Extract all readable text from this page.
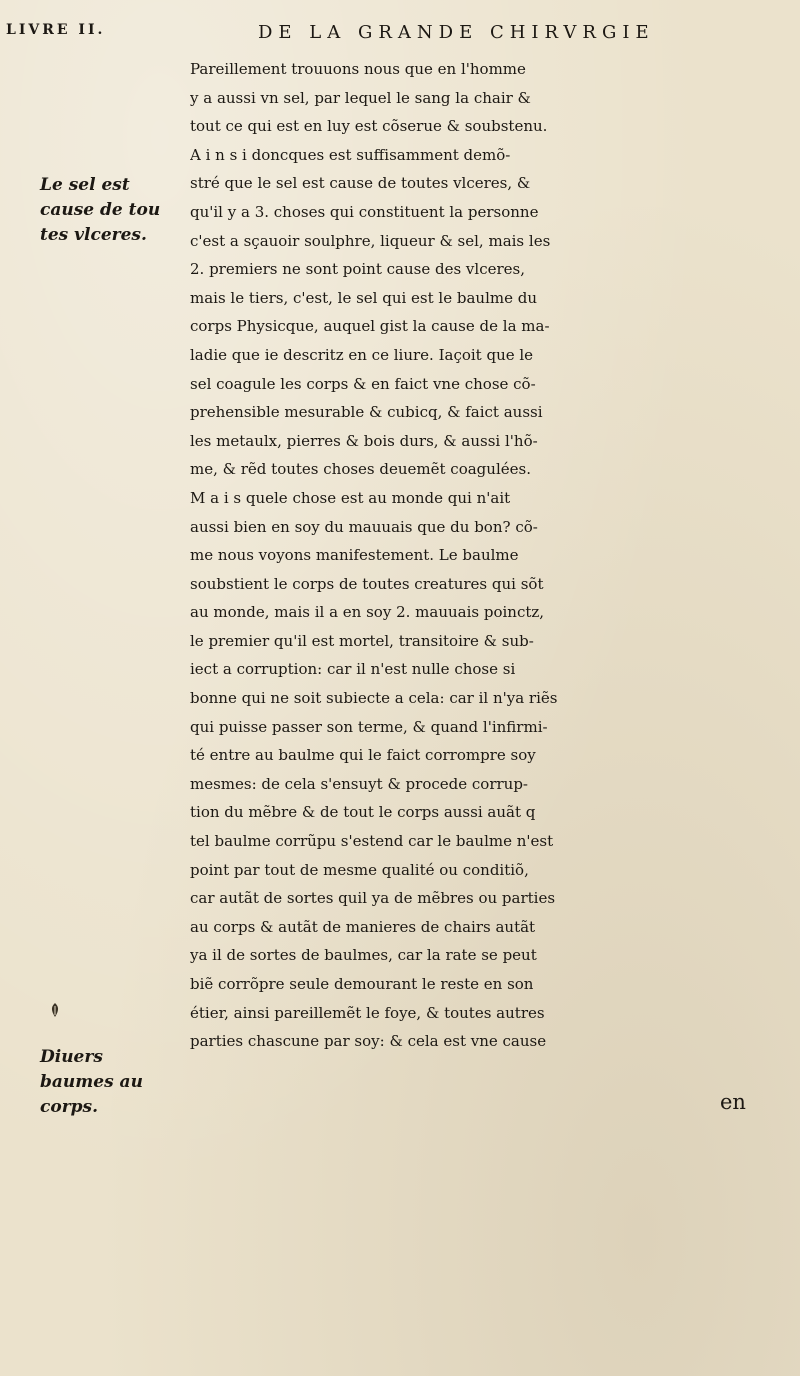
LIVRE II.	DE LA GRANDE CHIRVRGIE
Le sel est
cause de tou
tes vlceres.
Diuers
baumes au
corps.
Pareillement trouuons nous que en l'homme
y a aussi vn sel, par lequel le sang la chair &
tout ce qui est en luy est cõserue & soubstenu.
A i n s i doncques est suffisamment demõ-
stré que le sel est cause de toutes vlceres, &
qu'il y a 3. choses qui constituent la personne
c'est a sçauoir soulphre, liqueur & sel, mais les
2. premiers ne sont point cause des vlceres,
mais le tiers, c'est, le sel qui est le baulme du
corps Physicque, auquel gist la cause de la ma-
ladie que ie descritz en ce liure. Iaçoit que le
sel coagule les corps & en faict vne chose cõ-
prehensible mesurable & cubicq, & faict aussi
les metaulx, pierres & bois durs, & aussi l'hõ-
me, & rẽd toutes choses deuemẽt coagulées.
M a i s quele chose est au monde qui n'ait
aussi bien en soy du mauuais que du bon? cõ-
me nous voyons manifestement. Le baulme
soubstient le corps de toutes creatures qui sõt
au monde, mais il a en soy 2. mauuais poinctz,
le premier qu'il est mortel, transitoire & sub-
iect a corruption: car il n'est nulle chose si
bonne qui ne soit subiecte a cela: car il n'ya riẽs
qui puisse passer son terme, & quand l'infirmi-
té entre au baulme qui le faict corrompre soy
mesmes: de cela s'ensuyt & procede corrup-
tion du mẽbre & de tout le corps aussi auãt q
tel baulme corrũpu s'estend car le baulme n'est
point par tout de mesme qualité ou conditiõ,
car autãt de sortes quil ya de mẽbres ou parties
au corps & autãt de manieres de chairs autãt
ya il de sortes de baulmes, car la rate se peut
biẽ corrõpre seule demourant le reste en son
étier, ainsi pareillemẽt le foye, & toutes autres
parties chascune par soy: & cela est vne cause
en
